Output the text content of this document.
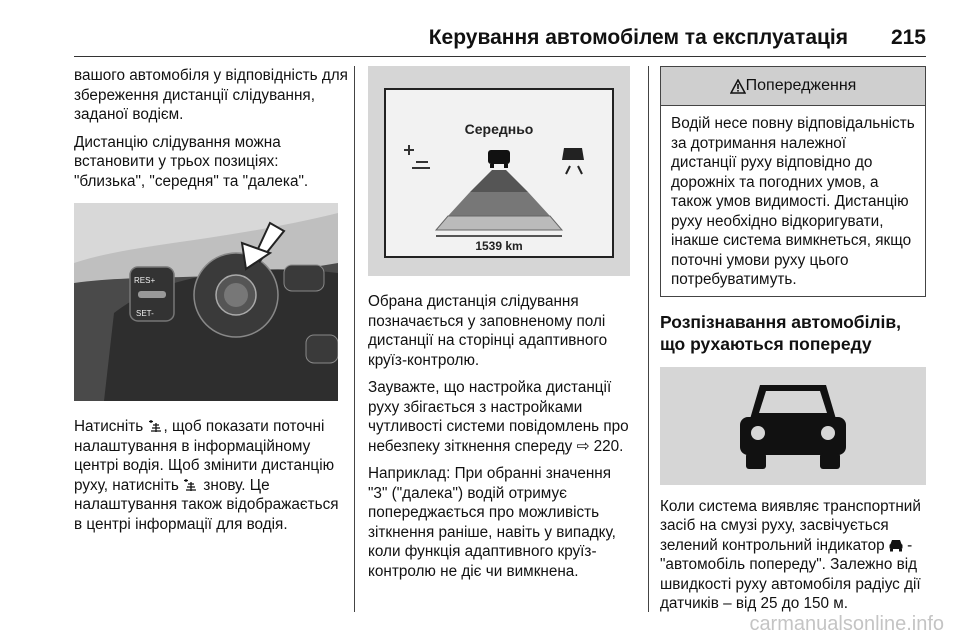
Керування автомобілем та експлуатація 215

вашого автомобіля у відповідність для збереження дистанції слідування, заданої водієм.

Дистанцію слідування можна встановити у трьох позиціях: "близька", "середня" та "далека".

RES+
SET-

Натисніть , щоб показати поточні налаштування в інформаційному центрі водія. Щоб змінити дистанцію руху, натисніть  знову. Це налаштування також відображається в центрі інформації для водія.

Середньо
1539 km

Обрана дистанція слідування позначається у заповненому полі дистанції на сторінці адаптивного круїз-контролю.

Зауважте, що настройка дистанції руху збігається з настройками чутливості системи повідомлень про небезпеку зіткнення спереду ⇨ 220.

Наприклад: При обранні значення "3" ("далека") водій отримує попереджається про можливість зіткнення раніше, навіть у випадку, коли функція адаптивного круїз-контролю не діє чи вимкнена.

Попередження

Водій несе повну відповідальність за дотримання належної дистанції руху відповідно до дорожніх та погодних умов, а також умов видимості. Дистанцію руху необхідно відкоригувати, інакше система вимкнеться, якщо поточні умови руху цього потребуватимуть.

Розпізнавання автомобілів, що рухаються попереду

Коли система виявляє транспортний засіб на смузі руху, засвічується зелений контрольний індикатор  - "автомобіль попереду". Залежно від швидкості руху автомобіля радіус дії датчиків – від 25 до 150 м.

carmanualsonline.info
